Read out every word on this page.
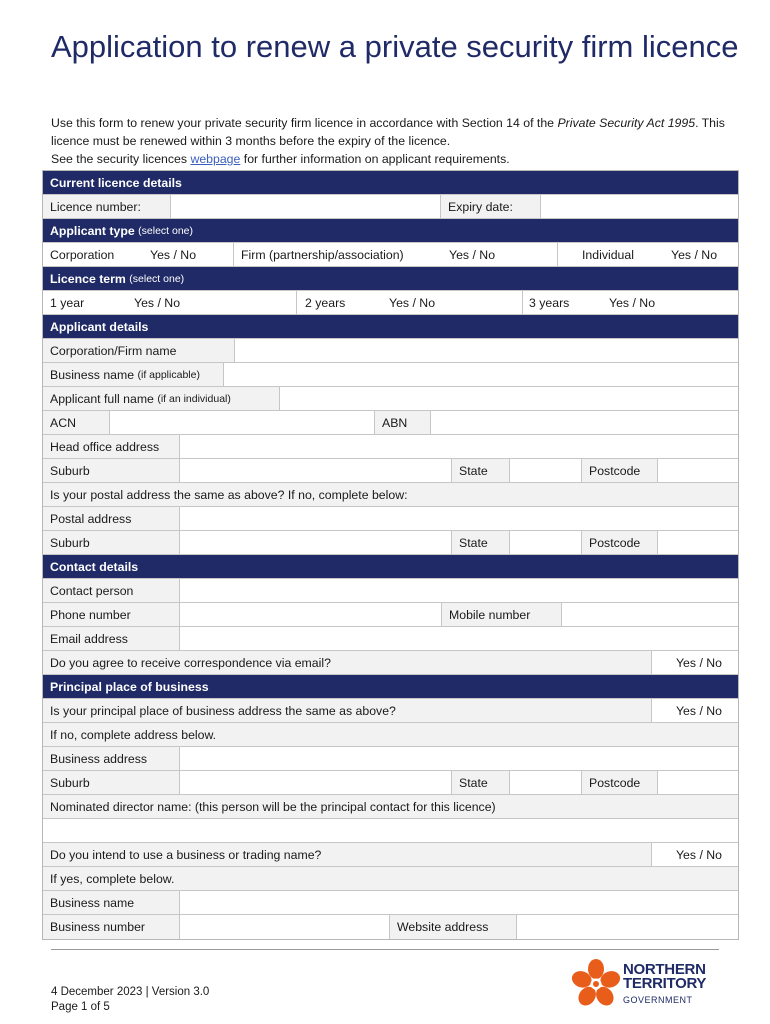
Application to renew a private security firm licence

Use this form to renew your private security firm licence in accordance with Section 14 of the Private Security Act 1995. This licence must be renewed within 3 months before the expiry of the licence.

See the security licences webpage for further information on applicant requirements.

Current licence details
Licence number:	Expiry date:
Applicant type
(select one)
Corporation	Yes / No	Firm (partnership/association)	Yes / No	Individual	Yes / No
Licence term
(select one)
1 year	Yes / No	2 years	Yes / No	3 years	Yes / No
Applicant details
Corporation/Firm name
Business name
(if applicable)
Applicant full name
(if an individual)
ACN	ABN
Head office address
Suburb	State	Postcode
Is your postal address the same as above? If no, complete below:
Postal address
Suburb	State	Postcode
Contact details
Contact person
Phone number	Mobile number
Email address
Do you agree to receive correspondence via email?	Yes / No
Principal place of business
Is your principal place of business address the same as above?	Yes / No
If no, complete address below.
Business address
Suburb	State	Postcode
Nominated director name: (this person will be the principal contact for this licence)
Do you intend to use a business or trading name?	Yes / No
If yes, complete below.
Business name
Business number	Website address
4 December 2023 | Version 3.0
Page 1 of 5
NORTHERN
TERRITORY
GOVERNMENT
